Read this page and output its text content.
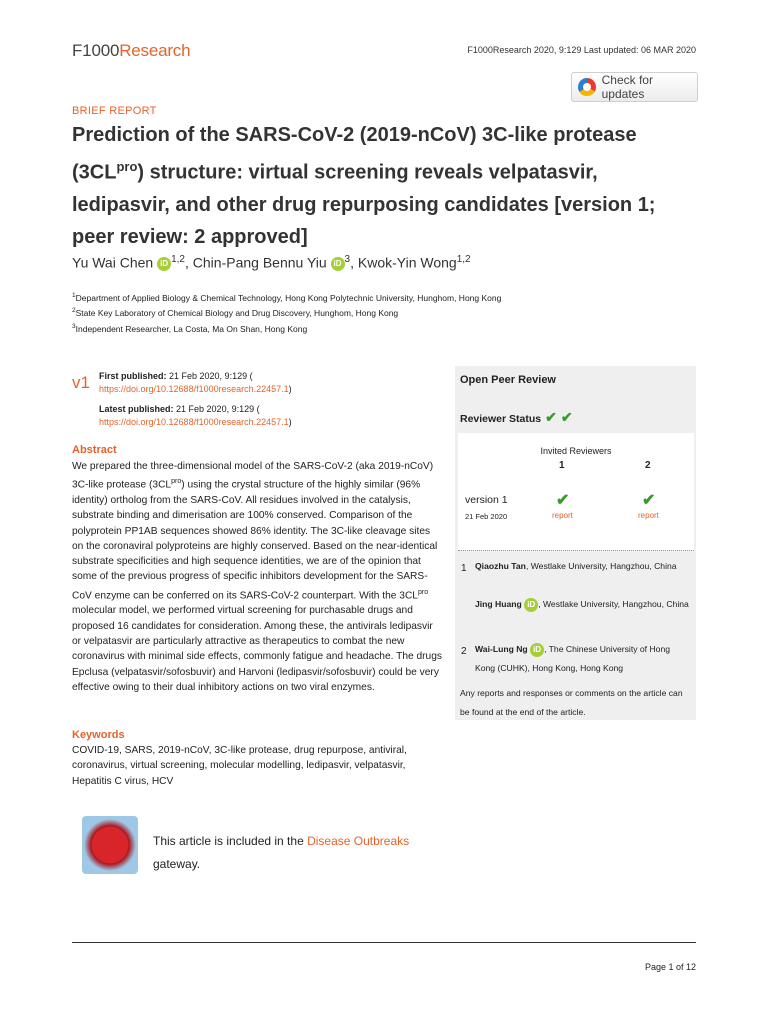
F1000Research	F1000Research 2020, 9:129 Last updated: 06 MAR 2020
Check for updates
BRIEF REPORT
Prediction of the SARS-CoV-2 (2019-nCoV) 3C-like protease $(3CL^{pro})$ structure: virtual screening reveals velpatasvir, ledipasvir, and other drug repurposing candidates [version 1; peer review: 2 approved]
Yu Wai Chen iD $^{1,2}$, Chin-Pang Bennu Yiu iD $^3$, Kwok-Yin Wong$^{1,2}$
$^1$Department of Applied Biology & Chemical Technology, Hong Kong Polytechnic University, Hunghom, Hong Kong
$^2$State Key Laboratory of Chemical Biology and Drug Discovery, Hunghom, Hong Kong
$^3$Independent Researcher, La Costa, Ma On Shan, Hong Kong
v1 First published: 21 Feb 2020, 9:129 (
https://doi.org/10.12688/f1000research.22457.1)
Latest published: 21 Feb 2020, 9:129 (
https://doi.org/10.12688/f1000research.22457.1)
Abstract
We prepared the three-dimensional model of the SARS-CoV-2 (aka 2019-nCoV) 3C-like protease $(3CL^{pro})$ using the crystal structure of the highly similar (96% identity) ortholog from the SARS-CoV. All residues involved in the catalysis, substrate binding and dimerisation are 100% conserved. Comparison of the polyprotein PP1AB sequences showed 86% identity. The 3C-like cleavage sites on the coronaviral polyproteins are highly conserved. Based on the near-identical substrate specificities and high sequence identities, we are of the opinion that some of the previous progress of specific inhibitors development for the SARS-CoV enzyme can be conferred on its SARS-CoV-2 counterpart. With the $3CL^{pro}$ molecular model, we performed virtual screening for purchasable drugs and proposed 16 candidates for consideration. Among these, the antivirals ledipasvir or velpatasvir are particularly attractive as therapeutics to combat the new coronavirus with minimal side effects, commonly fatigue and headache. The drugs Epclusa (velpatasvir/sofosbuvir) and Harvoni (ledipasvir/sofosbuvir) could be very effective owing to their dual inhibitory actions on two viral enzymes.
Keywords
COVID-19, SARS, 2019-nCoV, 3C-like protease, drug repurpose, antiviral, coronavirus, virtual screening, molecular modelling, ledipasvir, velpatasvir, Hepatitis C virus, HCV
This article is included in the Disease Outbreaks
gateway.
Open Peer Review
Reviewer Status ✔ ✔
Invited Reviewers
1	2
version 1
21 Feb 2020
✔	✔
report	report
1 Qiaozhu Tan, Westlake University, Hangzhou, China
Jing Huang iD , Westlake University, Hangzhou, China
2 Wai-Lung Ng iD , The Chinese University of Hong Kong (CUHK), Hong Kong, Hong Kong
Any reports and responses or comments on the article can be found at the end of the article.
Page 1 of 12
